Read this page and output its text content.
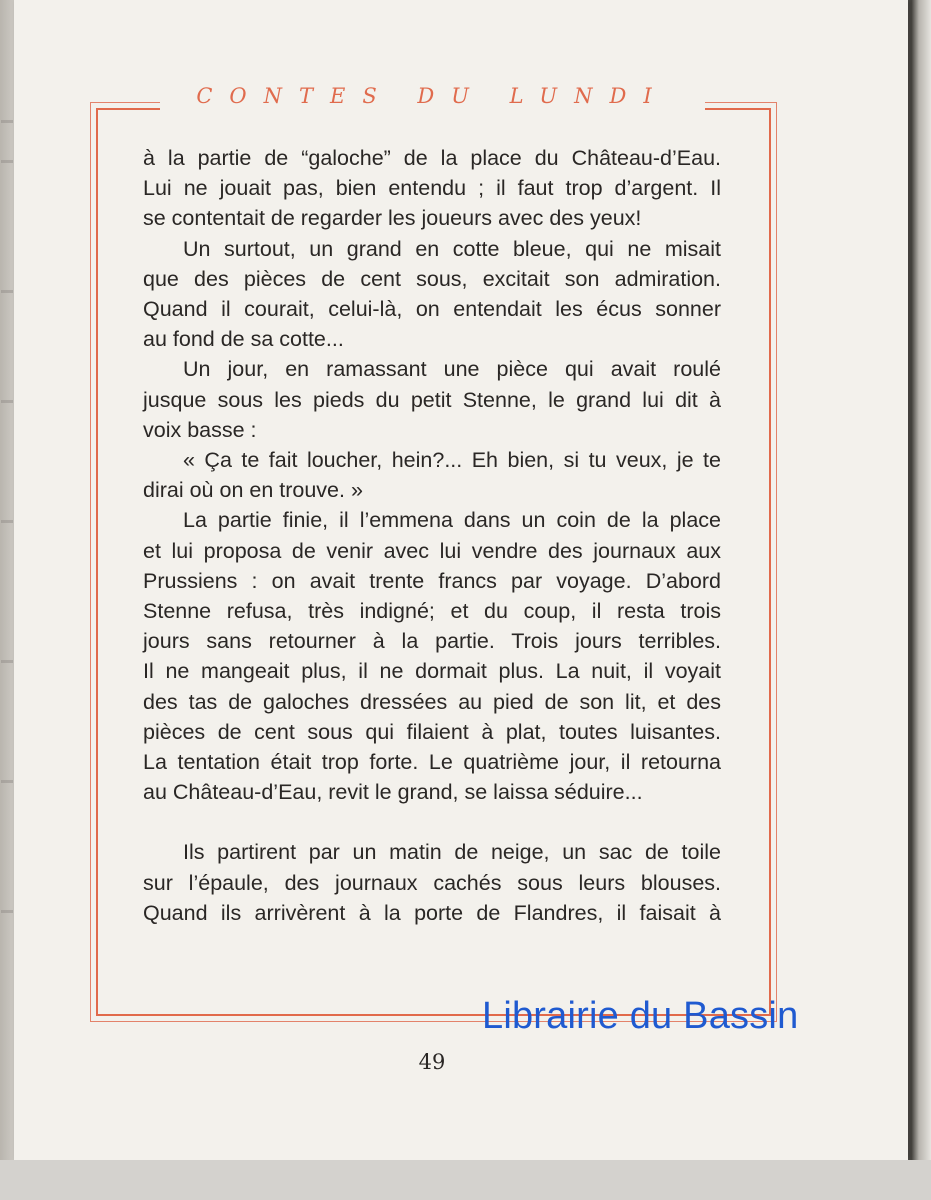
CONTES DU LUNDI

à la partie de “galoche” de la place du Château-d’Eau.
Lui ne jouait pas, bien entendu ; il faut trop d’argent. Il

se contentait de regarder les joueurs avec des yeux!

Un surtout, un grand en cotte bleue, qui ne misait

que des pièces de cent sous, excitait son admiration.

Quand il courait, celui-là, on entendait les écus sonner

au fond de sa cotte...

Un jour, en ramassant une pièce qui avait roulé

jusque sous les pieds du petit Stenne, le grand lui dit à

voix basse :

« Ça te fait loucher, hein?... Eh bien, si tu veux, je te

dirai où on en trouve. »

La partie finie, il l’emmena dans un coin de la place

et lui proposa de venir avec lui vendre des journaux aux

Prussiens : on avait trente francs par voyage. D’abord

Stenne refusa, très indigné; et du coup, il resta trois

jours sans retourner à la partie. Trois jours terribles.

Il ne mangeait plus, il ne dormait plus. La nuit, il voyait

des tas de galoches dressées au pied de son lit, et des

pièces de cent sous qui filaient à plat, toutes luisantes.

La tentation était trop forte. Le quatrième jour, il retourna

au Château-d’Eau, revit le grand, se laissa séduire...

Ils partirent par un matin de neige, un sac de toile

sur l’épaule, des journaux cachés sous leurs blouses.

Quand ils arrivèrent à la porte de Flandres, il faisait à

Librairie du Bassin
49
